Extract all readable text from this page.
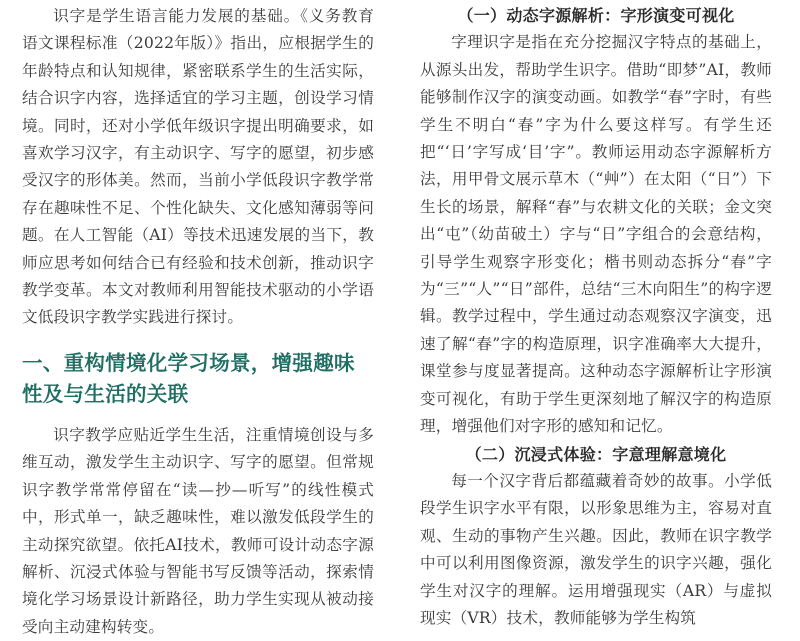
识字是学生语言能力发展的基础。《义务教育语文课程标准（2022年版）》指出，应根据学生的年龄特点和认知规律，紧密联系学生的生活实际，结合识字内容，选择适宜的学习主题，创设学习情境。同时，还对小学低年级识字提出明确要求，如喜欢学习汉字，有主动识字、写字的愿望，初步感受汉字的形体美。然而，当前小学低段识字教学常存在趣味性不足、个性化缺失、文化感知薄弱等问题。在人工智能（AI）等技术迅速发展的当下，教师应思考如何结合已有经验和技术创新，推动识字教学变革。本文对教师利用智能技术驱动的小学语文低段识字教学实践进行探讨。

一、重构情境化学习场景，增强趣味性及与生活的关联

识字教学应贴近学生生活，注重情境创设与多维互动，激发学生主动识字、写字的愿望。但常规识字教学常常停留在“读—抄—听写”的线性模式中，形式单一，缺乏趣味性，难以激发低段学生的主动探究欲望。依托AI技术，教师可设计动态字源解析、沉浸式体验与智能书写反馈等活动，探索情境化学习场景设计新路径，助力学生实现从被动接受向主动建构转变。

（一）动态字源解析：字形演变可视化

字理识字是指在充分挖掘汉字特点的基础上，从源头出发，帮助学生识字。借助“即梦”AI，教师能够制作汉字的演变动画。如教学“春”字时，有些学生不明白“春”字为什么要这样写。有学生还把“‘日’字写成‘目’字”。教师运用动态字源解析方法，用甲骨文展示草木（“艸”）在太阳（“日”）下生长的场景，解释“春”与农耕文化的关联；金文突出“屯”（幼苗破土）字与“日”字组合的会意结构，引导学生观察字形变化；楷书则动态拆分“春”字为“三”“人”“日”部件，总结“三木向阳生”的构字逻辑。教学过程中，学生通过动态观察汉字演变，迅速了解“春”字的构造原理，识字准确率大大提升，课堂参与度显著提高。这种动态字源解析让字形演变可视化，有助于学生更深刻地了解汉字的构造原理，增强他们对字形的感知和记忆。

（二）沉浸式体验：字意理解意境化

每一个汉字背后都蕴藏着奇妙的故事。小学低段学生识字水平有限，以形象思维为主，容易对直观、生动的事物产生兴趣。因此，教师在识字教学中可以利用图像资源，激发学生的识字兴趣，强化学生对汉字的理解。运用增强现实（AR）与虚拟现实（VR）技术，教师能够为学生构筑
